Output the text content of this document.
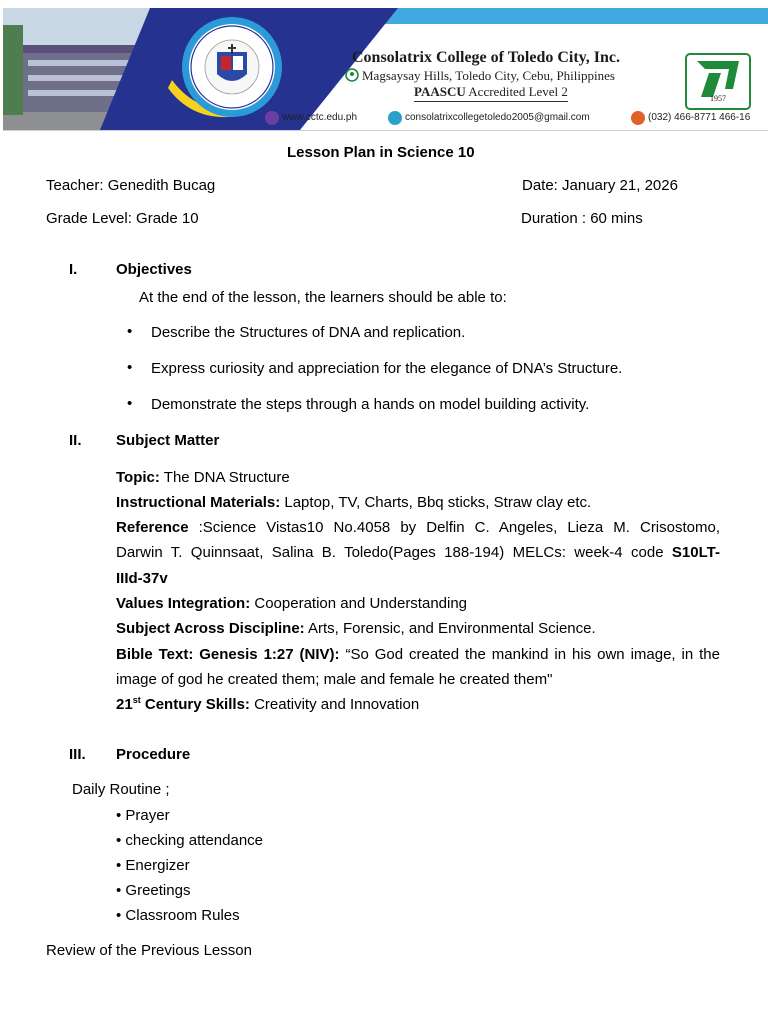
Consolatrix College of Toledo City, Inc.
Magsaysay Hills, Toledo City, Cebu, Philippines
PAASCU Accredited Level 2	1957
www.cctc.edu.ph	consolatrixcollegetoledo2005@gmail.com	(032) 466-8771 466-16
Lesson Plan in Science 10
Teacher: Genedith Bucag	Date: January 21, 2026
Grade Level: Grade 10	Duration : 60 mins
I.	Objectives
At the end of the lesson, the learners should be able to:
• Describe the Structures of DNA and replication.
• Express curiosity and appreciation for the elegance of DNA’s Structure.
• Demonstrate the steps through a hands on model building activity.
II. Subject Matter
Topic: The DNA Structure
Instructional Materials: Laptop, TV, Charts, Bbq sticks, Straw clay etc.
Reference :Science Vistas10 No.4058 by Delfin C. Angeles, Lieza M. Crisostomo,
Darwin T. Quinnsaat, Salina B. Toledo(Pages 188-194) MELCs: week-4 code S10LT-
IIId-37v
Values Integration: Cooperation and Understanding
Subject Across Discipline: Arts, Forensic, and Environmental Science.
Bible Text: Genesis 1:27 (NIV): “So God created the mankind in his own image, in the
image of god he created them; male and female he created them"
21st Century Skills: Creativity and Innovation
III. Procedure
Daily Routine ;
• Prayer
• checking attendance
• Energizer
• Greetings
• Classroom Rules
Review of the Previous Lesson
